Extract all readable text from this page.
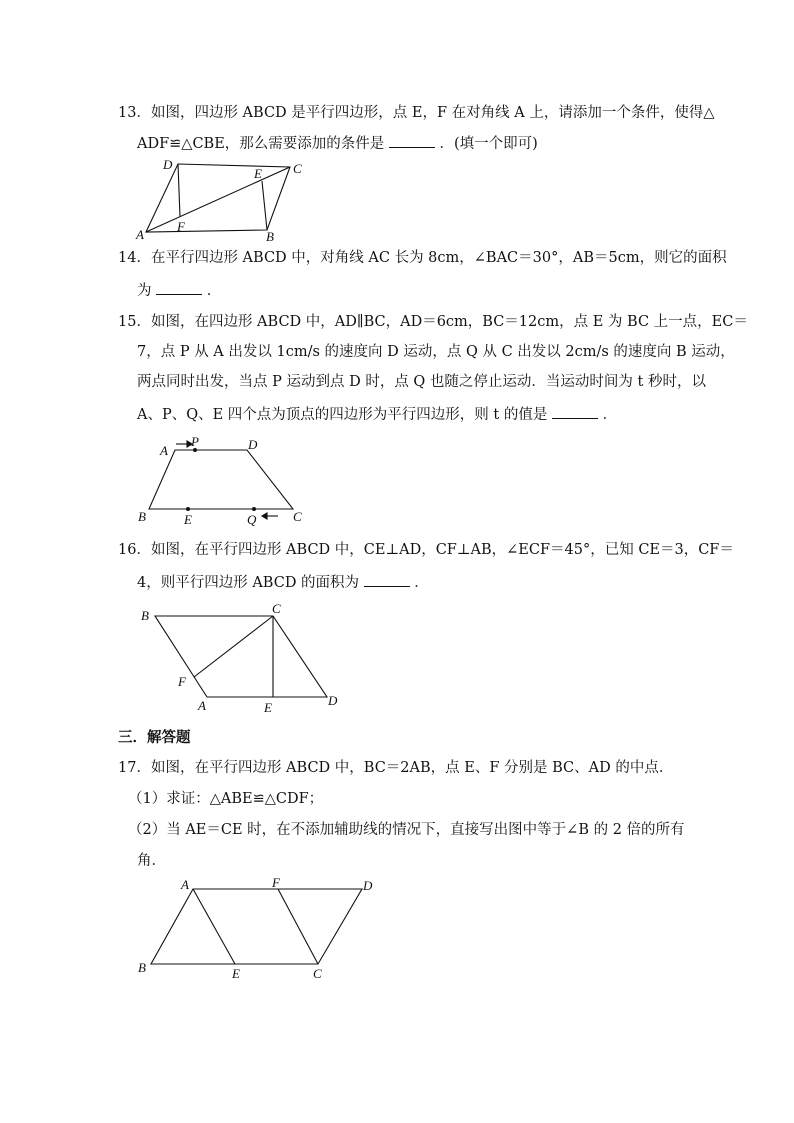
13．如图，四边形 ABCD 是平行四边形，点 E，F 在对角线 A 上，请添加一个条件，使得△
ADF≌△CBE，那么需要添加的条件是	．(填一个即可)
D	C
E
F
A	B
14．在平行四边形 ABCD 中，对角线 AC 长为 8cm，∠BAC＝30°，AB＝5cm，则它的面积
为	．
15．如图，在四边形 ABCD 中，AD∥BC，AD＝6cm，BC＝12cm，点 E 为 BC 上一点，EC＝
7，点 P 从 A 出发以 1cm/s 的速度向 D 运动，点 Q 从 C 出发以 2cm/s 的速度向 B 运动，
两点同时出发，当点 P 运动到点 D 时，点 Q 也随之停止运动．当运动时间为 t 秒时，以
A、P、Q、E 四个点为顶点的四边形为平行四边形，则 t 的值是	．
A
P	D
B	E	Q	C
16．如图，在平行四边形 ABCD 中，CE⊥AD，CF⊥AB，∠ECF＝45°，已知 CE＝3，CF＝
4，则平行四边形 ABCD 的面积为	．
B	C
F
A	E	D
三．解答题
17．如图，在平行四边形 ABCD 中，BC＝2AB，点 E、F 分别是 BC、AD 的中点．
（1）求证：△ABE≌△CDF；
（2）当 AE＝CE 时，在不添加辅助线的情况下，直接写出图中等于∠B 的 2 倍的所有
角．
A	F	D
B	E	C
